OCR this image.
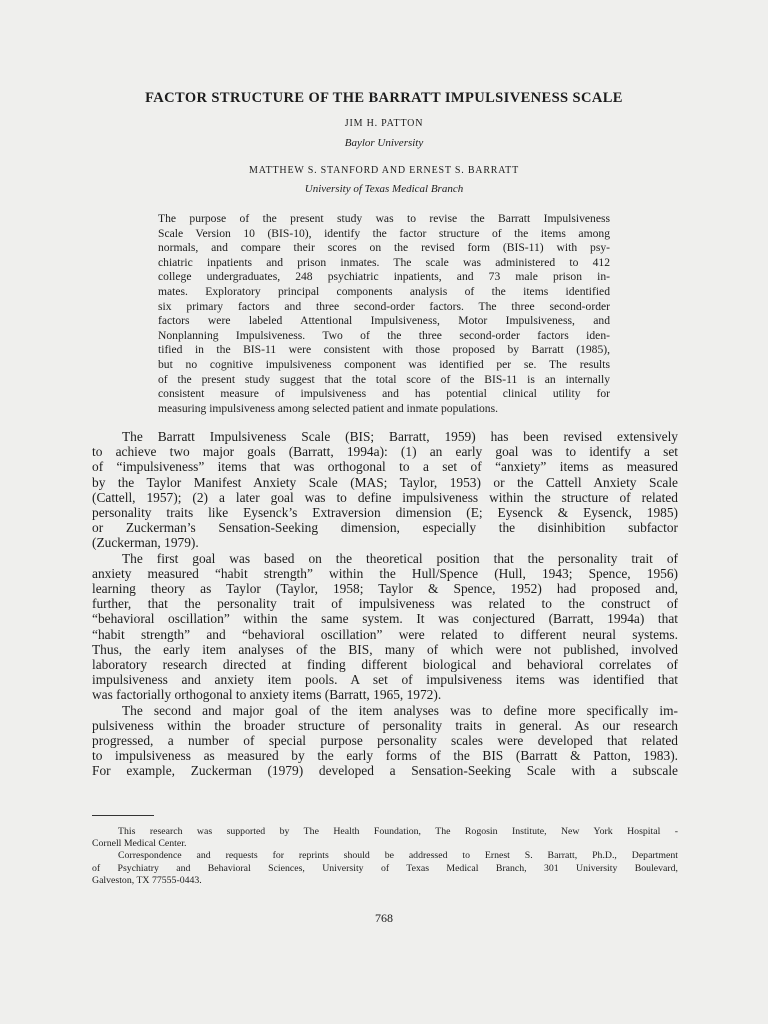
FACTOR STRUCTURE OF THE BARRATT IMPULSIVENESS SCALE

JIM H. PATTON

Baylor University

MATTHEW S. STANFORD AND ERNEST S. BARRATT

University of Texas Medical Branch

The purpose of the present study was to revise the Barratt Impulsiveness
Scale Version 10 (BIS-10), identify the factor structure of the items among
normals, and compare their scores on the revised form (BIS-11) with psy-
chiatric inpatients and prison inmates. The scale was administered to 412
college undergraduates, 248 psychiatric inpatients, and 73 male prison in-
mates. Exploratory principal components analysis of the items identified
six primary factors and three second-order factors. The three second-order
factors were labeled Attentional Impulsiveness, Motor Impulsiveness, and
Nonplanning Impulsiveness. Two of the three second-order factors iden-
tified in the BIS-11 were consistent with those proposed by Barratt (1985),
but no cognitive impulsiveness component was identified per se. The results
of the present study suggest that the total score of the BIS-11 is an internally
consistent measure of impulsiveness and has potential clinical utility for
measuring impulsiveness among selected patient and inmate populations.
The Barratt Impulsiveness Scale (BIS; Barratt, 1959) has been revised extensively
to achieve two major goals (Barratt, 1994a): (1) an early goal was to identify a set
of “impulsiveness” items that was orthogonal to a set of “anxiety” items as measured
by the Taylor Manifest Anxiety Scale (MAS; Taylor, 1953) or the Cattell Anxiety Scale
(Cattell, 1957); (2) a later goal was to define impulsiveness within the structure of related
personality traits like Eysenck’s Extraversion dimension (E; Eysenck & Eysenck, 1985)
or Zuckerman’s Sensation-Seeking dimension, especially the disinhibition subfactor
(Zuckerman, 1979).
The first goal was based on the theoretical position that the personality trait of
anxiety measured “habit strength” within the Hull/Spence (Hull, 1943; Spence, 1956)
learning theory as Taylor (Taylor, 1958; Taylor & Spence, 1952) had proposed and,
further, that the personality trait of impulsiveness was related to the construct of
“behavioral oscillation” within the same system. It was conjectured (Barratt, 1994a) that
“habit strength” and “behavioral oscillation” were related to different neural systems.
Thus, the early item analyses of the BIS, many of which were not published, involved
laboratory research directed at finding different biological and behavioral correlates of
impulsiveness and anxiety item pools. A set of impulsiveness items was identified that
was factorially orthogonal to anxiety items (Barratt, 1965, 1972).
The second and major goal of the item analyses was to define more specifically im-
pulsiveness within the broader structure of personality traits in general. As our research
progressed, a number of special purpose personality scales were developed that related
to impulsiveness as measured by the early forms of the BIS (Barratt & Patton, 1983).
For example, Zuckerman (1979) developed a Sensation-Seeking Scale with a subscale
This research was supported by The Health Foundation, The Rogosin Institute, New York Hospital -
Cornell Medical Center.
Correspondence and requests for reprints should be addressed to Ernest S. Barratt, Ph.D., Department
of Psychiatry and Behavioral Sciences, University of Texas Medical Branch, 301 University Boulevard,
Galveston, TX 77555-0443.

768
